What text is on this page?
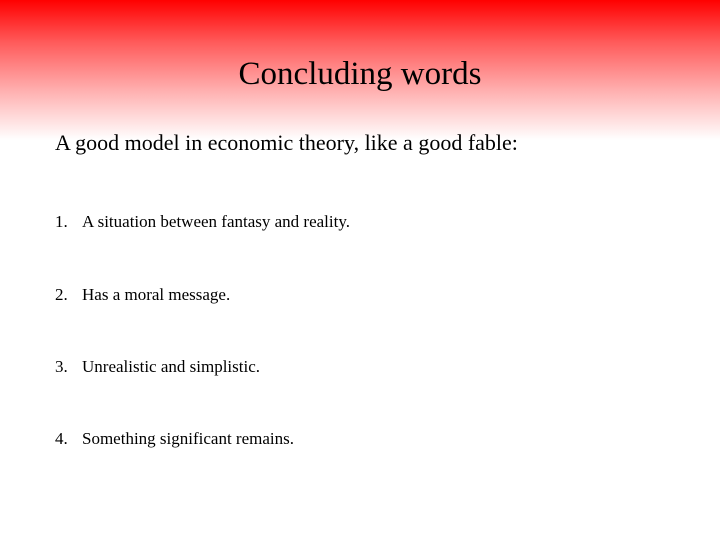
Concluding words

A good model in economic theory, like a good fable:

1. A situation between fantasy and reality.
2. Has a moral message.
3. Unrealistic and simplistic.
4. Something significant remains.
